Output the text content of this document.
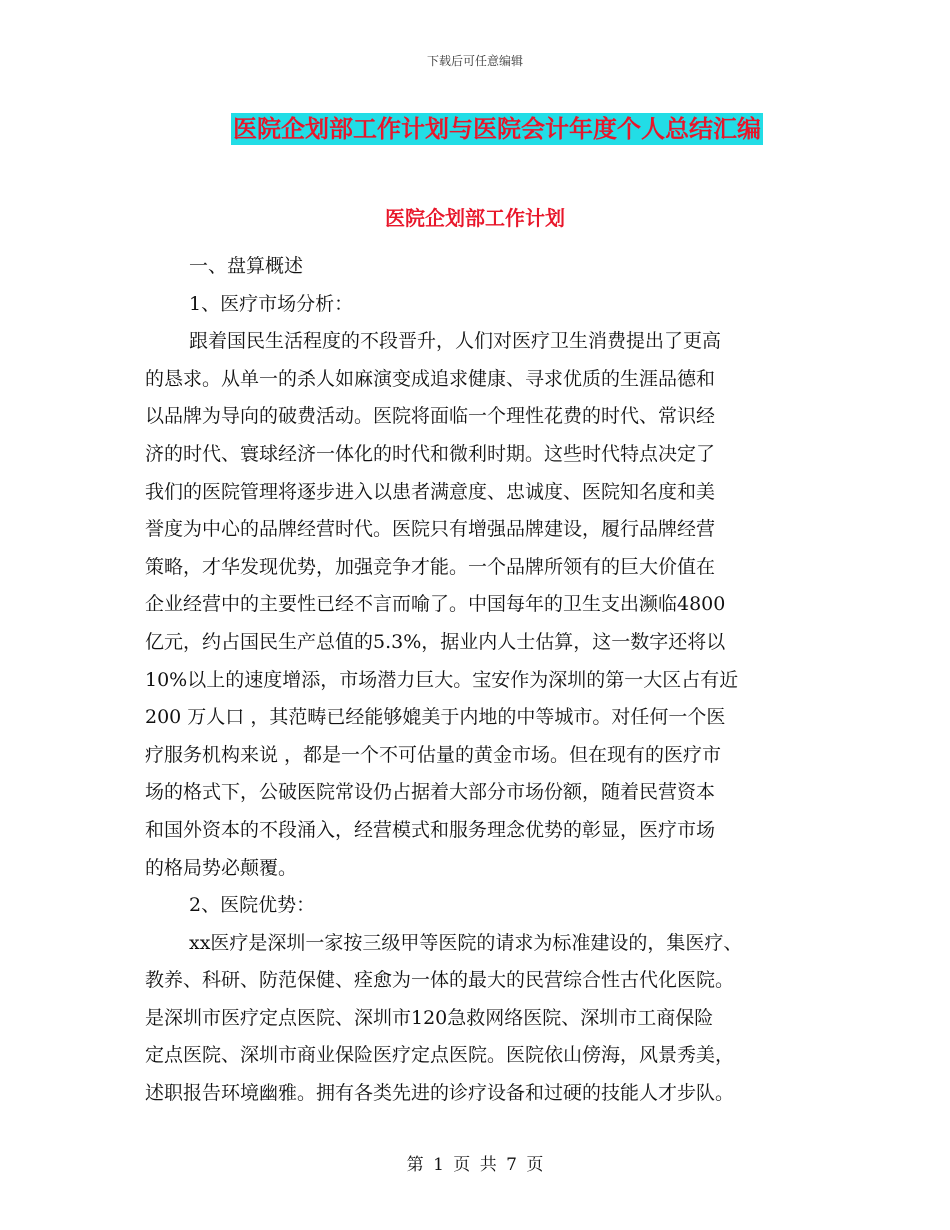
下载后可任意编辑
医院企划部工作计划与医院会计年度个人总结汇编
医院企划部工作计划
一、盘算概述
1、医疗市场分析：
跟着国民生活程度的不段晋升，人们对医疗卫生消费提出了更高
的恳求。从单一的杀人如麻演变成追求健康、寻求优质的生涯品德和
以品牌为导向的破费活动。医院将面临一个理性花费的时代、常识经
济的时代、寰球经济一体化的时代和微利时期。这些时代特点决定了
我们的医院管理将逐步进入以患者满意度、忠诚度、医院知名度和美
誉度为中心的品牌经营时代。医院只有增强品牌建设，履行品牌经营
策略，才华发现优势，加强竞争才能。一个品牌所领有的巨大价值在
企业经营中的主要性已经不言而喻了。中国每年的卫生支出濒临4800
亿元，约占国民生产总值的5.3%，据业内人士估算，这一数字还将以
10%以上的速度增添，市场潜力巨大。宝安作为深圳的第一大区占有近
200 万人口 ，其范畴已经能够媲美于内地的中等城市。对任何一个医
疗服务机构来说 ，都是一个不可估量的黄金市场。但在现有的医疗市
场的格式下，公破医院常设仍占据着大部分市场份额，随着民营资本
和国外资本的不段涌入，经营模式和服务理念优势的彰显，医疗市场
的格局势必颠覆。
2、医院优势：
xx医疗是深圳一家按三级甲等医院的请求为标准建设的，集医疗、
教养、科研、防范保健、痊愈为一体的最大的民营综合性古代化医院。
是深圳市医疗定点医院、深圳市120急救网络医院、深圳市工商保险
定点医院、深圳市商业保险医疗定点医院。医院依山傍海，风景秀美，
述职报告环境幽雅。拥有各类先进的诊疗设备和过硬的技能人才步队。
第 1 页 共 7 页
